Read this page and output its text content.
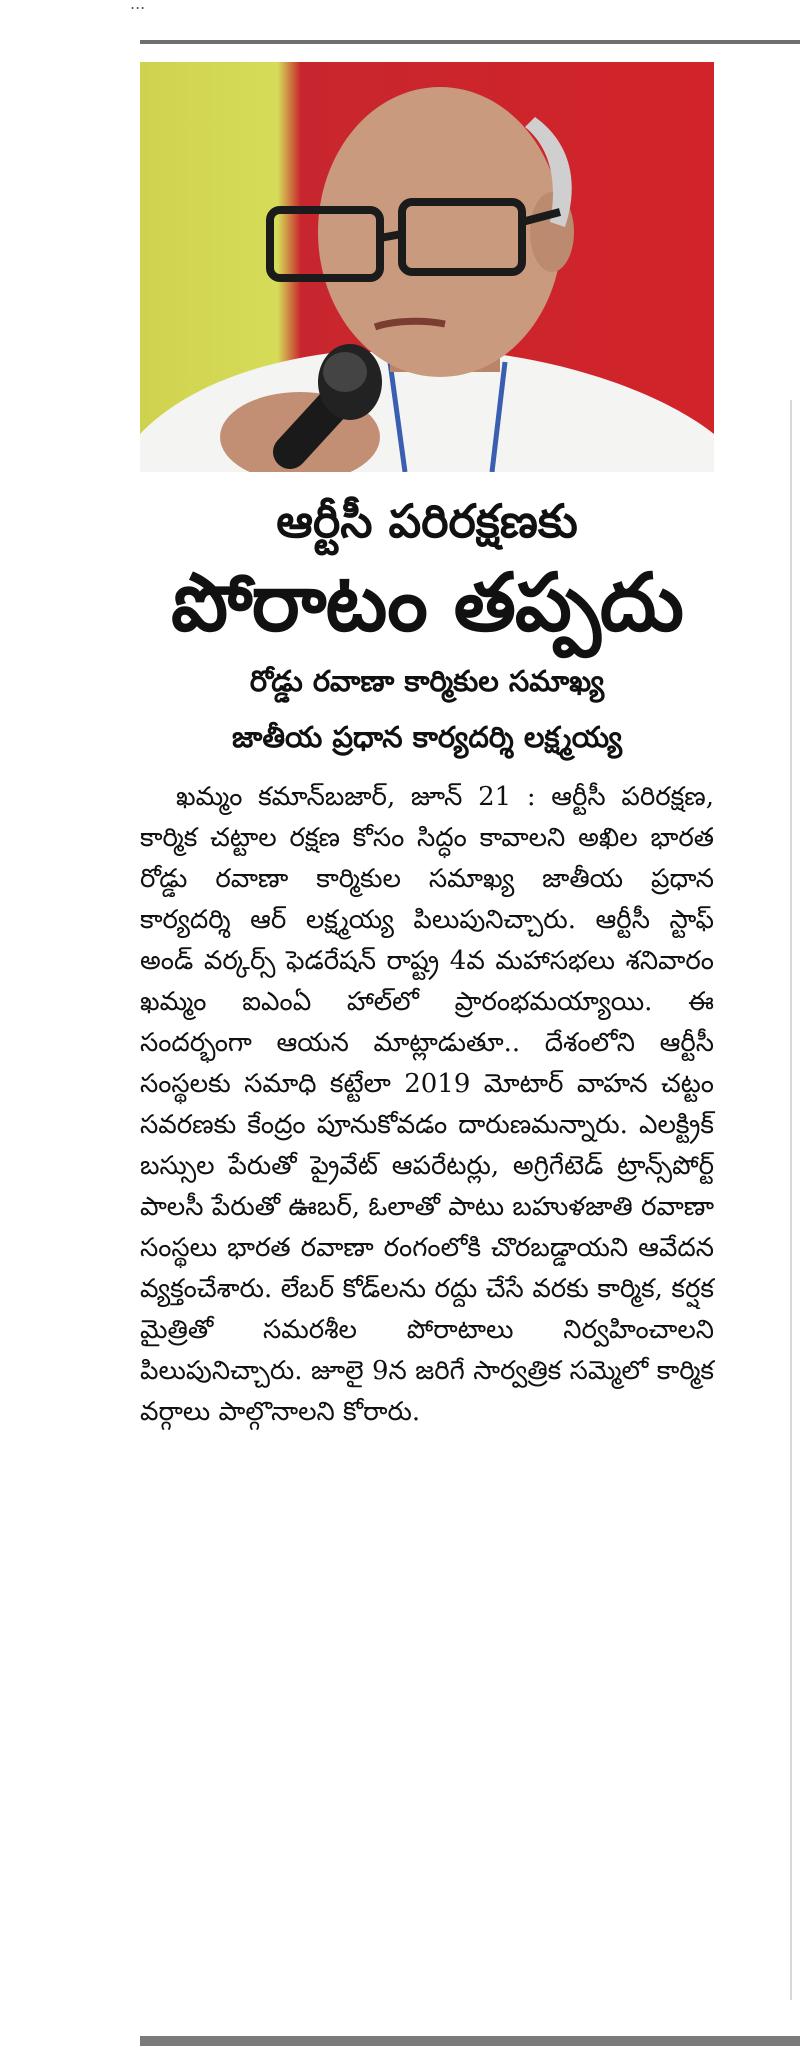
...
ఆర్టీసీ పరిరక్షణకు
పోరాటం తప్పదు
రోడ్డు రవాణా కార్మికుల సమాఖ్య
జాతీయ ప్రధాన కార్యదర్శి లక్ష్మయ్య
ఖమ్మం కమాన్‌బజార్, జూన్ 21 : ఆర్టీసీ పరిరక్షణ, కార్మిక చట్టాల రక్షణ కోసం సిద్ధం కావాలని అఖిల భారత రోడ్డు రవాణా కార్మికుల సమాఖ్య జాతీయ ప్రధాన కార్యదర్శి ఆర్ లక్ష్మయ్య పిలుపునిచ్చారు. ఆర్టీసీ స్టాఫ్ అండ్ వర్కర్స్ ఫెడరేషన్ రాష్ట్ర 4వ మహాసభలు శనివారం ఖమ్మం ఐఎంఏ హాల్‌లో ప్రారంభమయ్యాయి. ఈ సందర్భంగా ఆయన మాట్లాడుతూ.. దేశంలోని ఆర్టీసీ సంస్థలకు సమాధి కట్టేలా 2019 మోటార్ వాహన చట్టం సవరణకు కేంద్రం పూనుకోవడం దారుణమన్నారు. ఎలక్ట్రిక్ బస్సుల పేరుతో ప్రైవేట్ ఆపరేటర్లు, అగ్రిగేటెడ్ ట్రాన్స్‌పోర్ట్ పాలసీ పేరుతో ఊబర్, ఓలాతో పాటు బహుళజాతి రవాణా సంస్థలు భారత రవాణా రంగంలోకి చొరబడ్డాయని ఆవేదన వ్యక్తంచేశారు. లేబర్ కోడ్‌లను రద్దు చేసే వరకు కార్మిక, కర్షక మైత్రితో సమరశీల పోరాటాలు నిర్వహించాలని పిలుపునిచ్చారు. జూలై 9న జరిగే సార్వత్రిక సమ్మెలో కార్మిక వర్గాలు పాల్గొనాలని కోరారు.
